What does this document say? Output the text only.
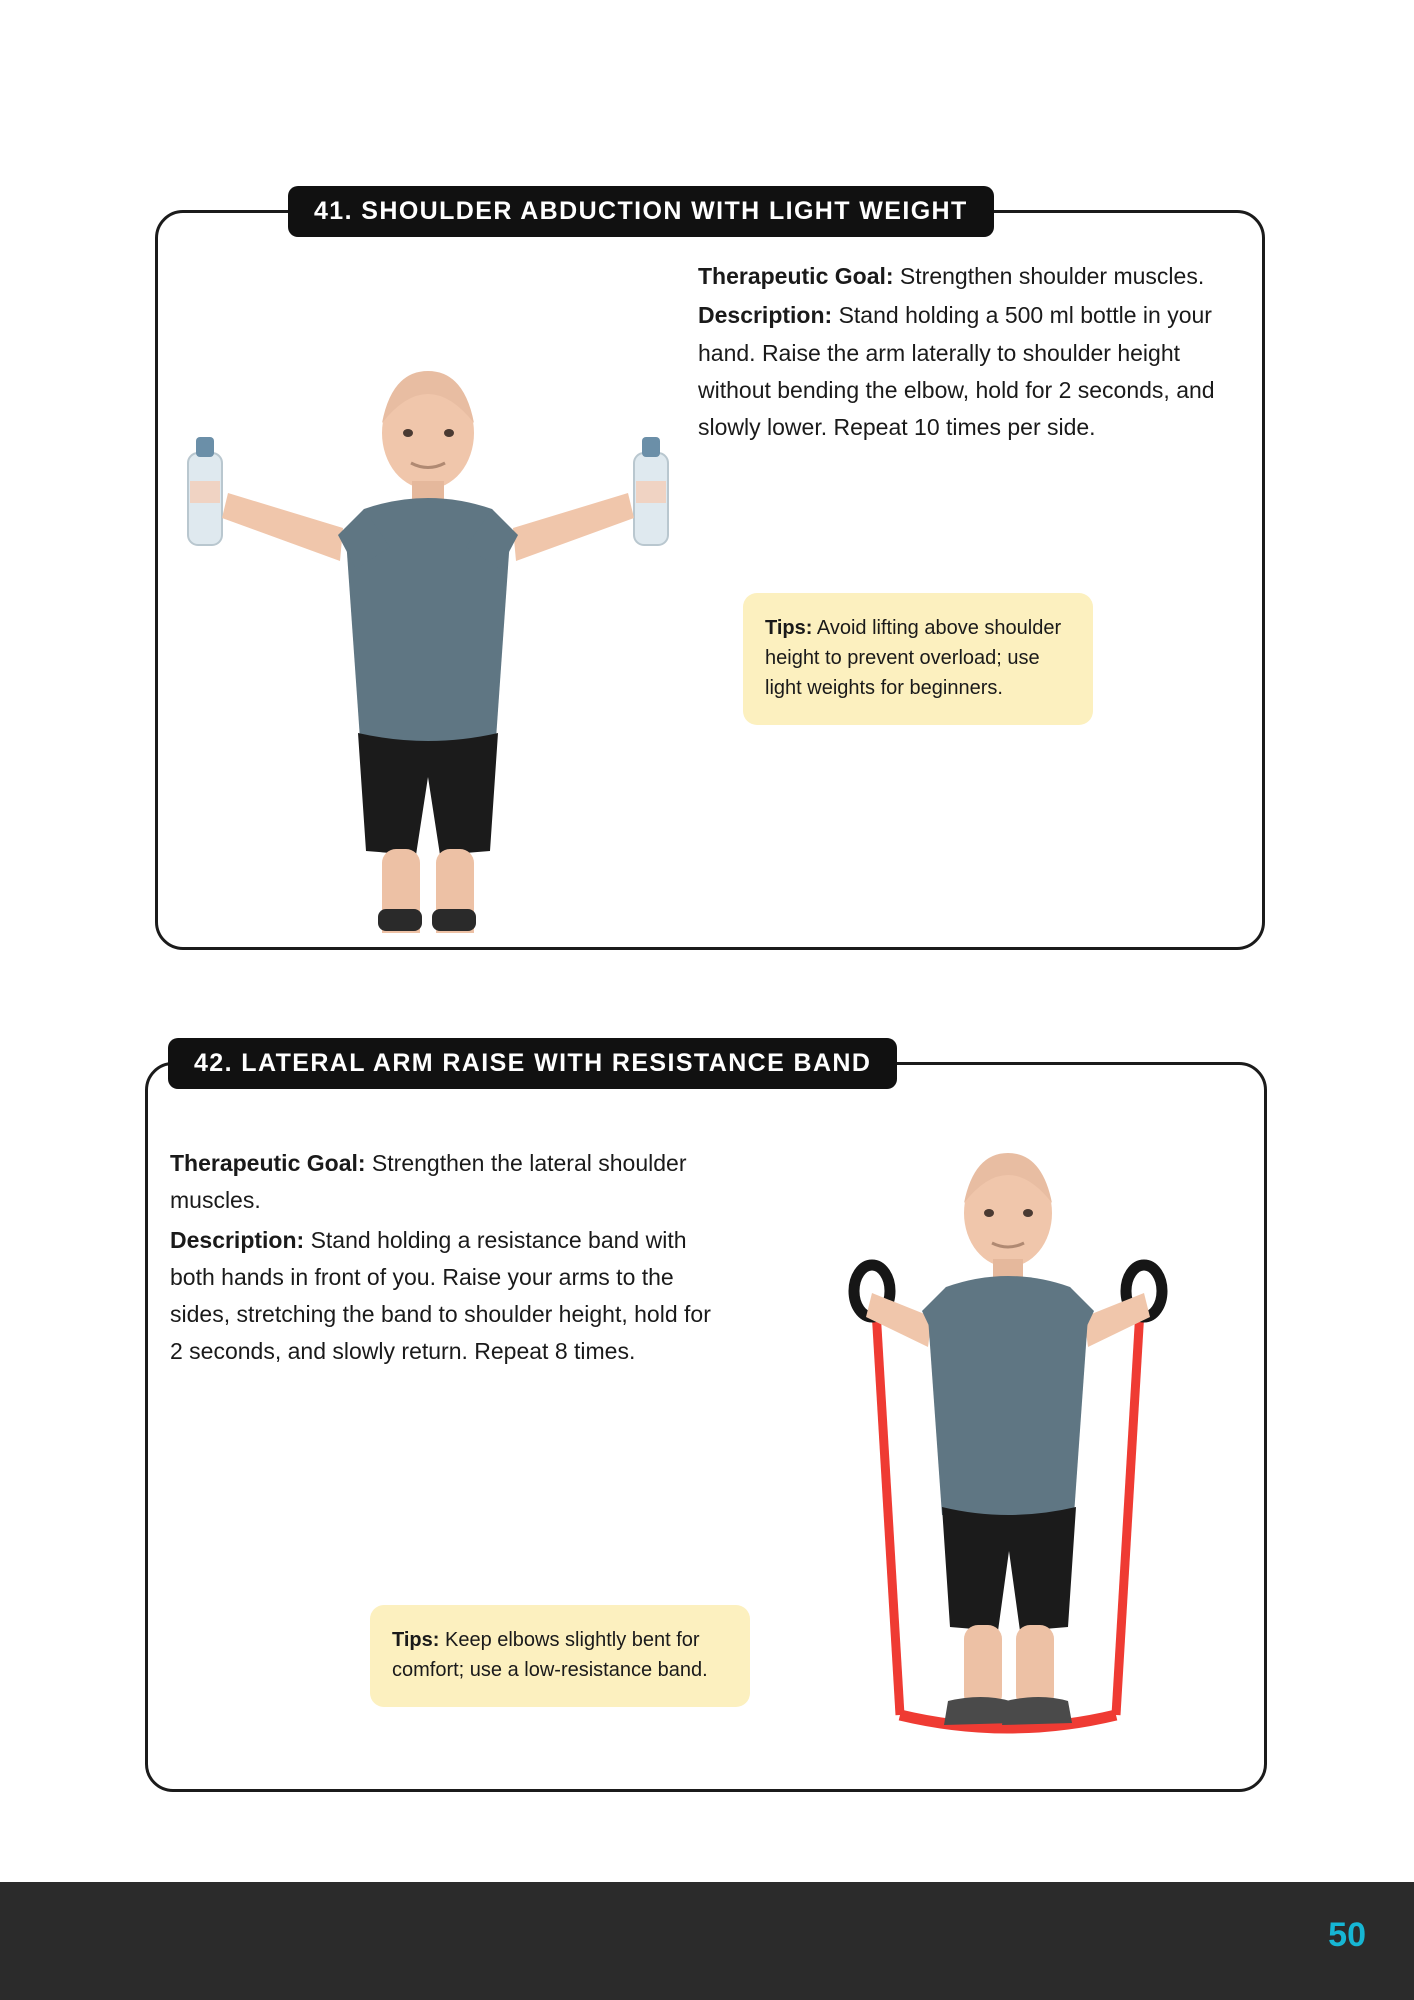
41. SHOULDER ABDUCTION WITH LIGHT WEIGHT

Therapeutic Goal: Strengthen shoulder muscles.

Description: Stand holding a 500 ml bottle in your hand. Raise the arm laterally to shoulder height without bending the elbow, hold for 2 seconds, and slowly lower. Repeat 10 times per side.

Tips: Avoid lifting above shoulder height to prevent overload; use light weights for beginners.
42. LATERAL ARM RAISE WITH RESISTANCE BAND

Therapeutic Goal: Strengthen the lateral shoulder muscles.

Description: Stand holding a resistance band with both hands in front of you. Raise your arms to the sides, stretching the band to shoulder height, hold for 2 seconds, and slowly return. Repeat 8 times.

Tips: Keep elbows slightly bent for comfort; use a low-resistance band.
50
